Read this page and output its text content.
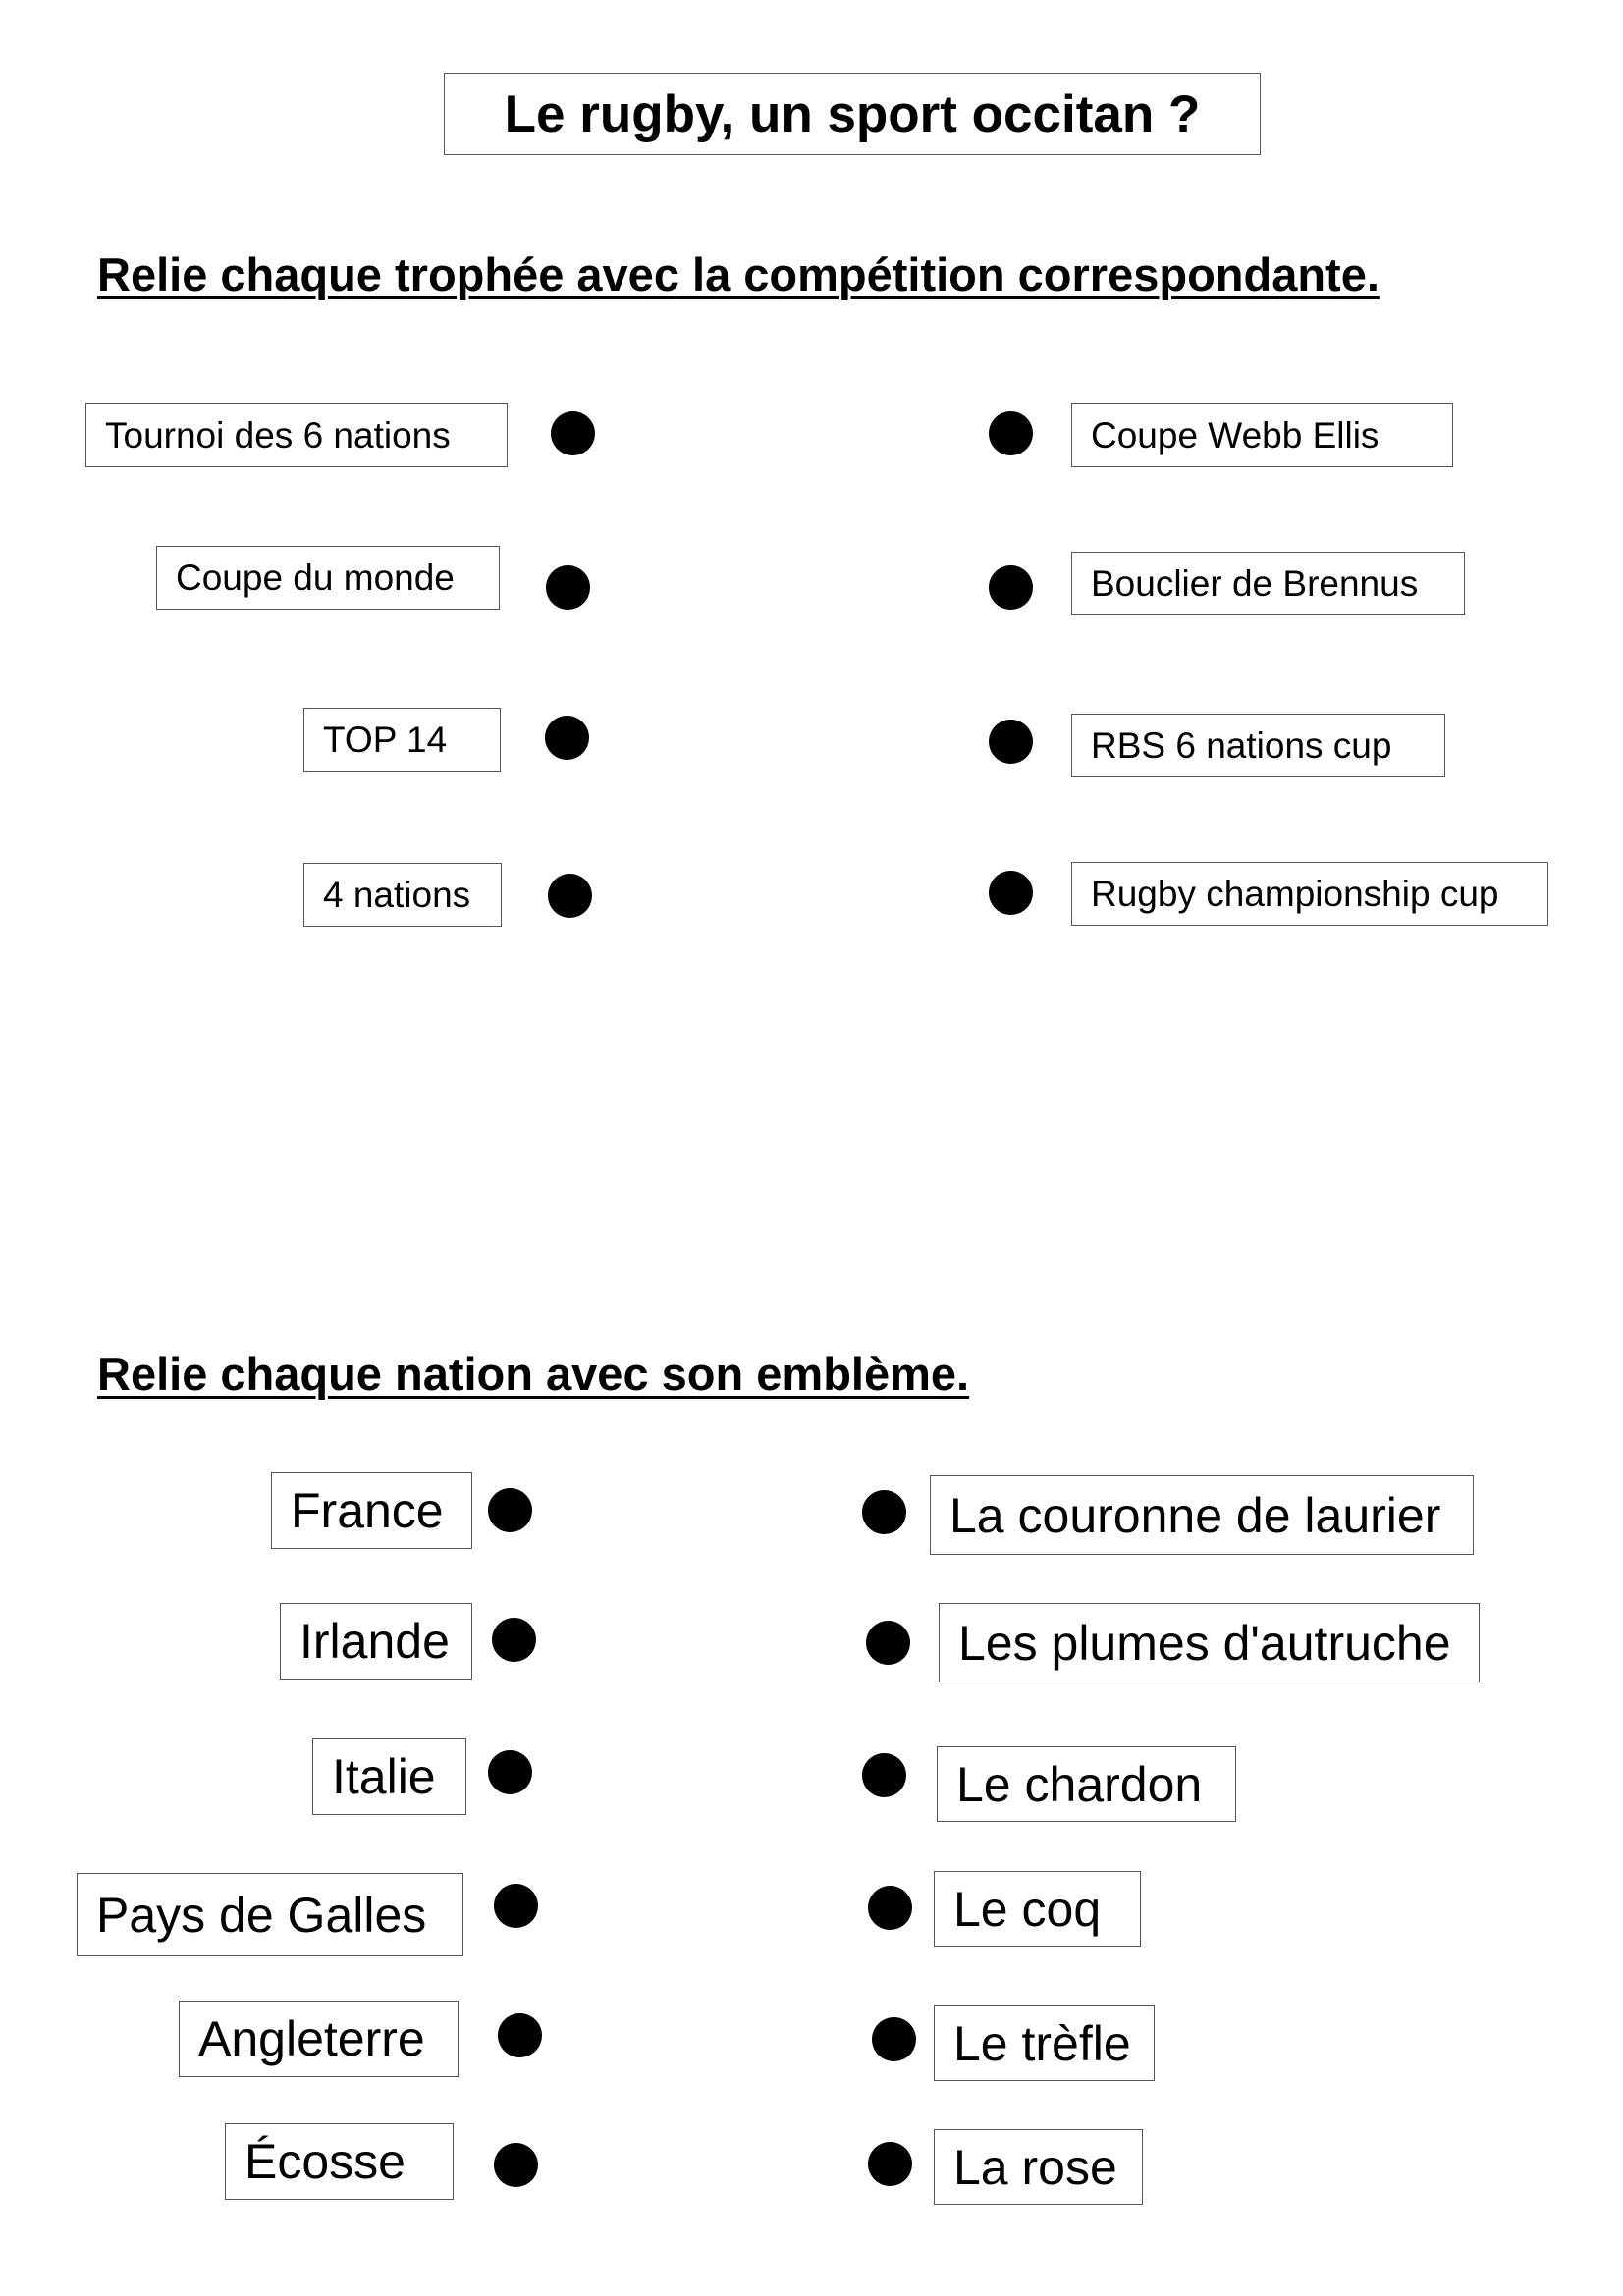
Le rugby, un sport occitan ?
Relie chaque trophée avec la compétition correspondante.
Tournoi des 6 nations
Coupe du monde
TOP 14
4 nations
Coupe Webb Ellis
Bouclier de Brennus
RBS 6 nations cup
Rugby championship cup
Relie chaque nation avec son emblème.
France
Irlande
Italie
Pays de Galles
Angleterre
Écosse
La couronne de laurier
Les plumes d'autruche
Le chardon
Le coq
Le trèfle
La rose
